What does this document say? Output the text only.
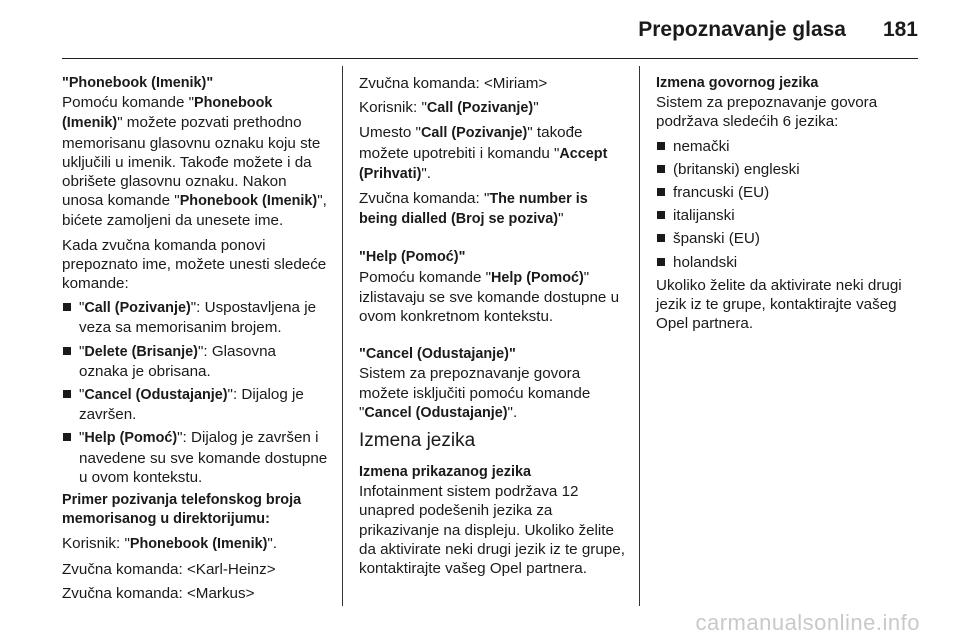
Prepoznavanje glasa 181

"Phonebook (Imenik)"

Pomoću komande "Phonebook (Imenik)" možete pozvati prethodno memorisanu glasovnu oznaku koju ste uključili u imenik. Takođe možete i da obrišete glasovnu oznaku. Nakon unosa komande "Phonebook (Imenik)", bićete zamoljeni da unesete ime.

Kada zvučna komanda ponovi prepoznato ime, možete unesti sledeće komande:

"Call (Pozivanje)": Uspostavljena je veza sa memorisanim brojem.
"Delete (Brisanje)": Glasovna oznaka je obrisana.
"Cancel (Odustajanje)": Dijalog je završen.
"Help (Pomoć)": Dijalog je završen i navedene su sve komande dostupne u ovom kontekstu.

Primer pozivanja telefonskog broja memorisanog u direktorijumu:

Korisnik: "Phonebook (Imenik)".

Zvučna komanda: <Karl-Heinz>

Zvučna komanda: <Markus>

Zvučna komanda: <Miriam>

Korisnik: "Call (Pozivanje)"

Umesto "Call (Pozivanje)" takođe možete upotrebiti i komandu "Accept (Prihvati)".

Zvučna komanda: "The number is being dialled (Broj se poziva)"

"Help (Pomoć)"

Pomoću komande "Help (Pomoć)" izlistavaju se sve komande dostupne u ovom konkretnom kontekstu.

"Cancel (Odustajanje)"

Sistem za prepoznavanje govora možete isključiti pomoću komande "Cancel (Odustajanje)".

Izmena jezika

Izmena prikazanog jezika

Infotainment sistem podržava 12 unapred podešenih jezika za prikazivanje na displeju. Ukoliko želite da aktivirate neki drugi jezik iz te grupe, kontaktirajte vašeg Opel partnera.

Izmena govornog jezika

Sistem za prepoznavanje govora podržava sledećih 6 jezika:

nemački
(britanski) engleski
francuski (EU)
italijanski
španski (EU)
holandski

Ukoliko želite da aktivirate neki drugi jezik iz te grupe, kontaktirajte vašeg Opel partnera.

carmanualsonline.info
